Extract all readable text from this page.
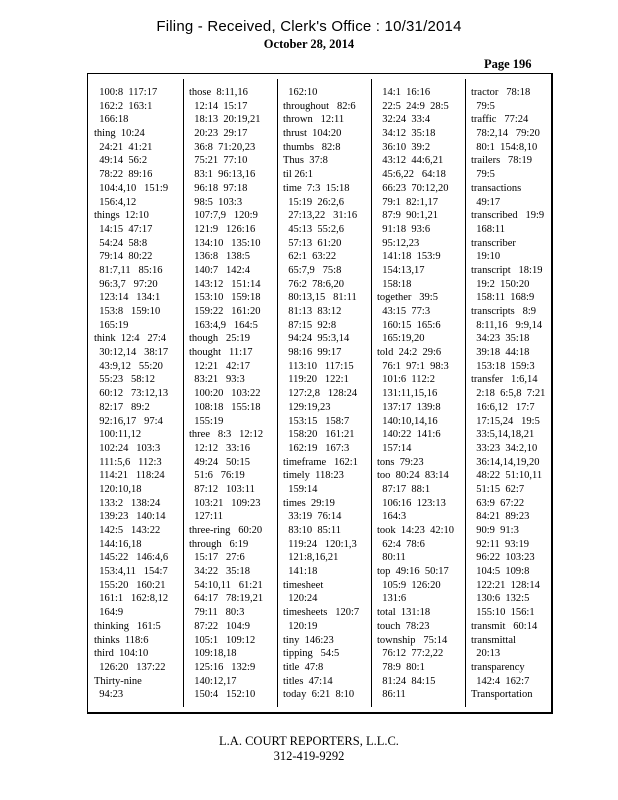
Filing - Received, Clerk's Office : 10/31/2014
October 28, 2014
Page 196
100:8  117:17
162:2  163:1
166:18
thing  10:24
24:21  41:21
49:14  56:2
78:22  89:16
104:4,10   151:9
156:4,12
things  12:10
14:15  47:17
54:24  58:8
79:14  80:22
81:7,11   85:16
96:3,7   97:20
123:14   134:1
153:8   159:10
165:19
think  12:4   27:4
30:12,14   38:17
43:9,12   55:20
55:23   58:12
60:12   73:12,13
82:17   89:2
92:16,17   97:4
100:11,12
102:24   103:3
111:5,6   112:3
114:21   118:24
120:10,18
133:2   138:24
139:23   140:14
142:5   143:22
144:16,18
145:22   146:4,6
153:4,11   154:7
155:20   160:21
161:1   162:8,12
164:9
thinking   161:5
thinks  118:6
third  104:10
126:20   137:22
Thirty-nine
94:23
those  8:11,16
12:14  15:17
18:13  20:19,21
20:23  29:17
36:8  71:20,23
75:21  77:10
83:1  96:13,16
96:18  97:18
98:5  103:3
107:7,9   120:9
121:9   126:16
134:10   135:10
136:8   138:5
140:7   142:4
143:12   151:14
153:10   159:18
159:22   161:20
163:4,9   164:5
though   25:19
thought   11:17
12:21   42:17
83:21   93:3
100:20   103:22
108:18   155:18
155:19
three   8:3   12:12
12:12   33:16
49:24   50:15
51:6   76:19
87:12   103:11
103:21   109:23
127:11
three-ring   60:20
through   6:19
15:17   27:6
34:22   35:18
54:10,11   61:21
64:17   78:19,21
79:11   80:3
87:22   104:9
105:1   109:12
109:18,18
125:16   132:9
140:12,17
150:4   152:10
162:10
throughout   82:6
thrown   12:11
thrust  104:20
thumbs   82:8
Thus  37:8
til 26:1
time  7:3  15:18
15:19  26:2,6
27:13,22   31:16
45:13  55:2,6
57:13  61:20
62:1  63:22
65:7,9   75:8
76:2  78:6,20
80:13,15   81:11
81:13  83:12
87:15  92:8
94:24  95:3,14
98:16  99:17
113:10   117:15
119:20   122:1
127:2,8   128:24
129:19,23
153:15   158:7
158:20   161:21
162:19   167:3
timeframe   162:1
timely  118:23
159:14
times  29:19
33:19  76:14
83:10  85:11
119:24   120:1,3
121:8,16,21
141:18
timesheet
120:24
timesheets   120:7
120:19
tiny  146:23
tipping   54:5
title  47:8
titles  47:14
today  6:21  8:10
14:1  16:16
22:5  24:9  28:5
32:24  33:4
34:12  35:18
36:10  39:2
43:12  44:6,21
45:6,22   64:18
66:23  70:12,20
79:1  82:1,17
87:9  90:1,21
91:18  93:6
95:12,23
141:18  153:9
154:13,17
158:18
together   39:5
43:15  77:3
160:15  165:6
165:19,20
told  24:2  29:6
76:1  97:1  98:3
101:6  112:2
131:11,15,16
137:17  139:8
140:10,14,16
140:22  141:6
157:14
tons  79:23
too  80:24  83:14
87:17  88:1
106:16  123:13
164:3
took  14:23  42:10
62:4  78:6
80:11
top  49:16  50:17
105:9  126:20
131:6
total  131:18
touch  78:23
township   75:14
76:12  77:2,22
78:9  80:1
81:24  84:15
86:11
tractor   78:18
79:5
traffic   77:24
78:2,14   79:20
80:1  154:8,10
trailers   78:19
79:5
transactions
49:17
transcribed   19:9
168:11
transcriber
19:10
transcript   18:19
19:2  150:20
158:11  168:9
transcripts   8:9
8:11,16   9:9,14
34:23  35:18
39:18  44:18
153:18  159:3
transfer   1:6,14
2:18  6:5,8  7:21
16:6,12   17:7
17:15,24   19:5
33:5,14,18,21
33:23  34:2,10
36:14,14,19,20
48:22  51:10,11
51:15  62:7
63:9  67:22
84:21  89:23
90:9  91:3
92:11  93:19
96:22  103:23
104:5  109:8
122:21  128:14
130:6  132:5
155:10  156:1
transmit   60:14
transmittal
20:13
transparency
142:4  162:7
Transportation
L.A. COURT REPORTERS, L.L.C.
312-419-9292
